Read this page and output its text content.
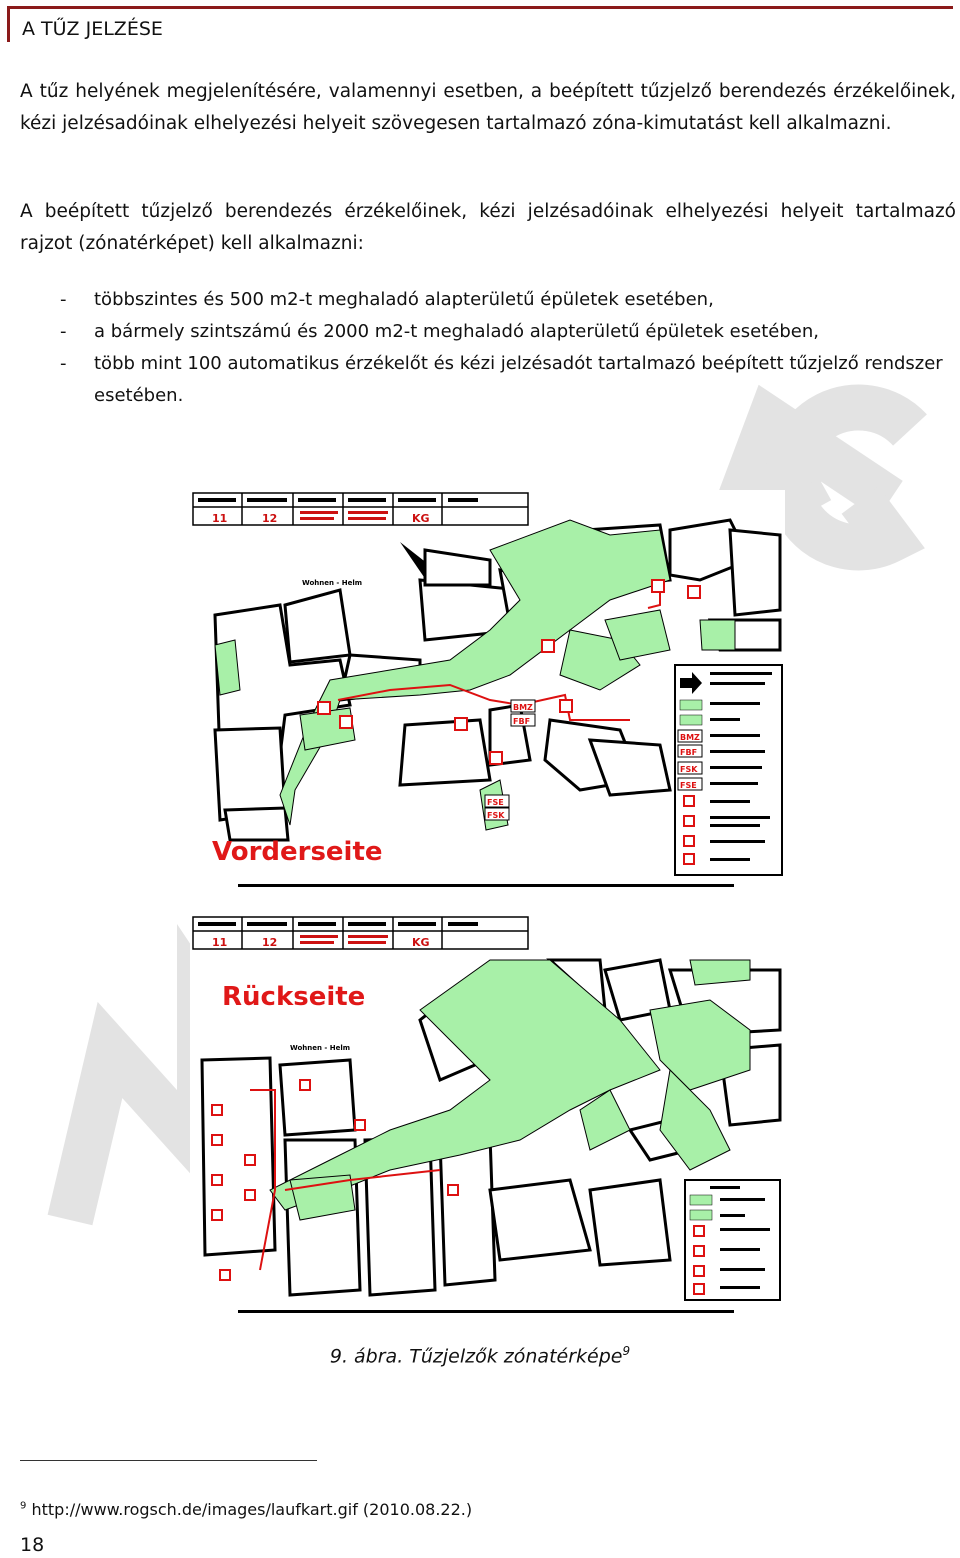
A TŰZ JELZÉSE

A tűz helyének megjelenítésére, valamennyi esetben, a beépített tűzjelző berendezés érzékelőinek, kézi jelzésadóinak elhelyezési helyeit szövegesen tartalmazó zóna-kimutatást kell alkalmazni.

A beépített tűzjelző berendezés érzékelőinek, kézi jelzésadóinak elhelyezési helyeit tartalmazó rajzot (zónatérképet) kell alkalmazni:

- többszintes és 500 m2-t meghaladó alapterületű épületek esetében,
- a bármely szintszámú és 2000 m2-t meghaladó alapterületű épületek esetében,
- több mint 100 automatikus érzékelőt és kézi jelzésadót tartalmazó beépített tűzjelző rendszer esetében.
11	12	KG
Wohnen - Helm
BMZ
FBF
FSE
FSK
BMZ
FBF
FSK
FSE
Vorderseite
11	12	KG
Rückseite
Wohnen - Helm
9. ábra. Tűzjelzők zónatérképe$^9$
$^9$ http://www.rogsch.de/images/laufkart.gif (2010.08.22.)
18
